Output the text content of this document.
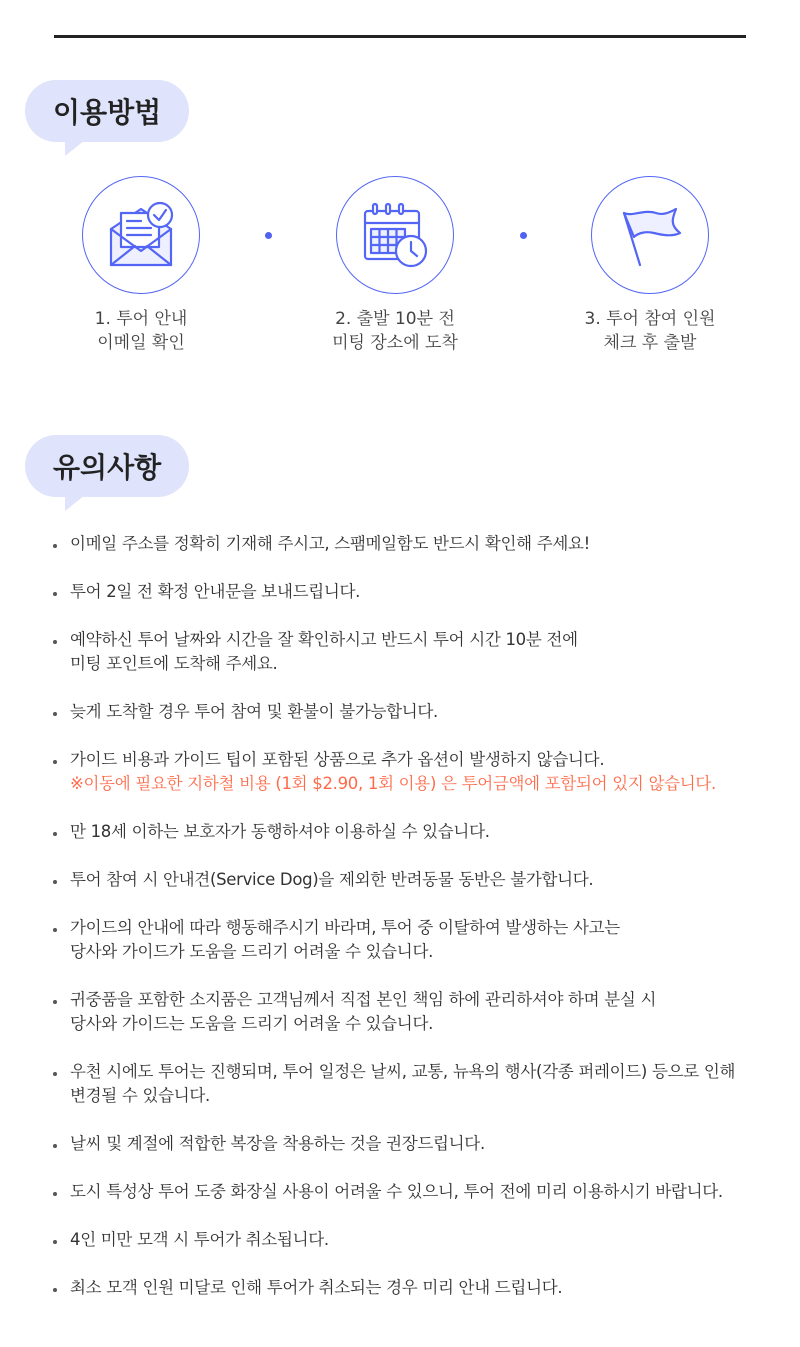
이용방법
1. 투어 안내
이메일 확인
2. 출발 10분 전
미팅 장소에 도착
3. 투어 참여 인원
체크 후 출발
유의사항
이메일 주소를 정확히 기재해 주시고, 스팸메일함도 반드시 확인해 주세요!
투어 2일 전 확정 안내문을 보내드립니다.
예약하신 투어 날짜와 시간을 잘 확인하시고 반드시 투어 시간 10분 전에
미팅 포인트에 도착해 주세요.
늦게 도착할 경우 투어 참여 및 환불이 불가능합니다.
가이드 비용과 가이드 팁이 포함된 상품으로 추가 옵션이 발생하지 않습니다.
※이동에 필요한 지하철 비용 (1회 $2.90, 1회 이용) 은 투어금액에 포함되어 있지 않습니다.
만 18세 이하는 보호자가 동행하셔야 이용하실 수 있습니다.
투어 참여 시 안내견(Service Dog)을 제외한 반려동물 동반은 불가합니다.
가이드의 안내에 따라 행동해주시기 바라며, 투어 중 이탈하여 발생하는 사고는
당사와 가이드가 도움을 드리기 어려울 수 있습니다.
귀중품을 포함한 소지품은 고객님께서 직접 본인 책임 하에 관리하셔야 하며 분실 시
당사와 가이드는 도움을 드리기 어려울 수 있습니다.
우천 시에도 투어는 진행되며, 투어 일정은 날씨, 교통, 뉴욕의 행사(각종 퍼레이드) 등으로 인해
변경될 수 있습니다.
날씨 및 계절에 적합한 복장을 착용하는 것을 권장드립니다.
도시 특성상 투어 도중 화장실 사용이 어려울 수 있으니, 투어 전에 미리 이용하시기 바랍니다.
4인 미만 모객 시 투어가 취소됩니다.
최소 모객 인원 미달로 인해 투어가 취소되는 경우 미리 안내 드립니다.
